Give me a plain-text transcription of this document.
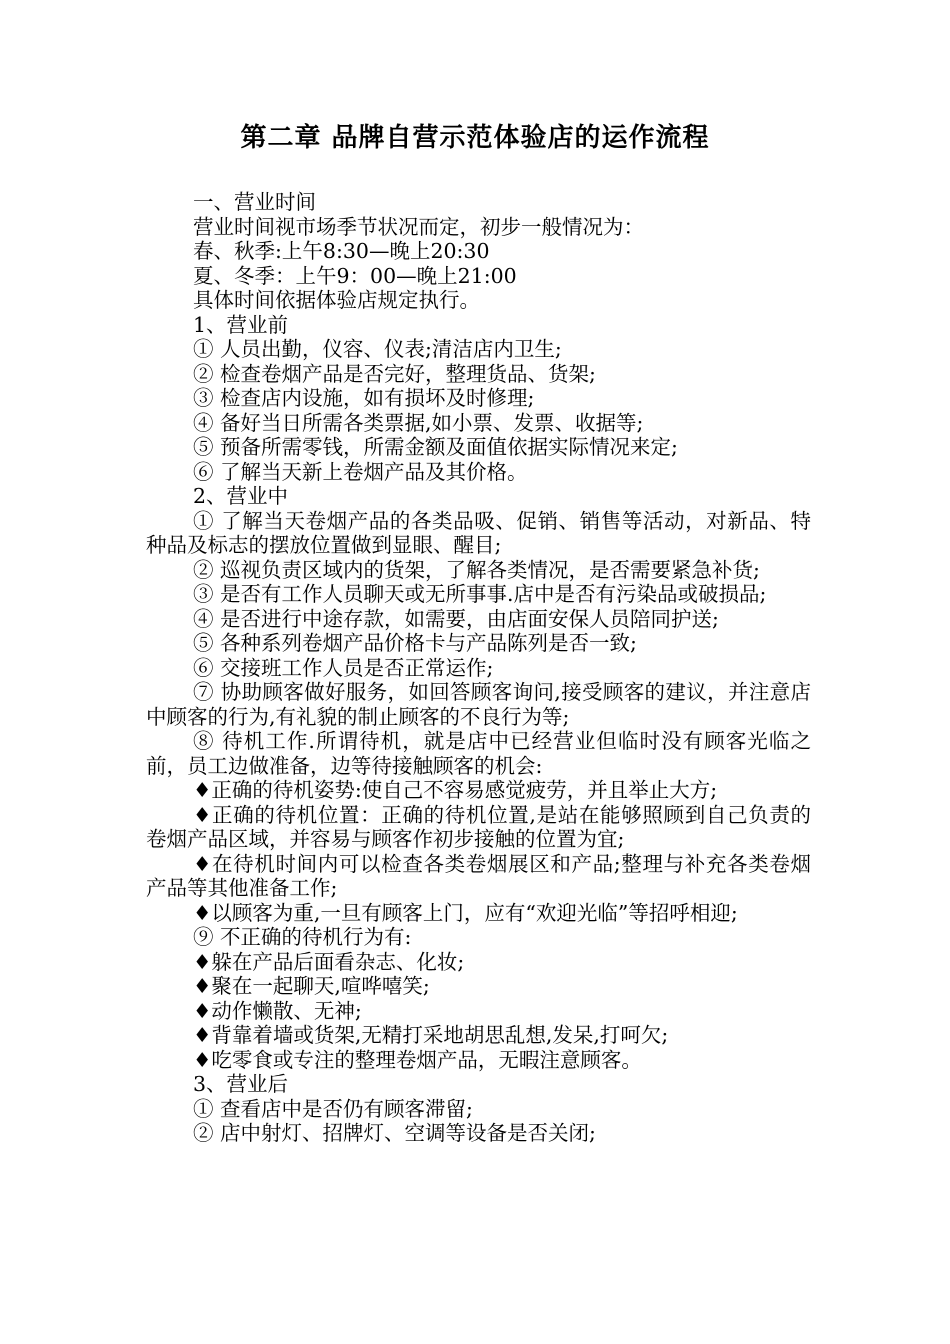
第二章 品牌自营示范体验店的运作流程

一、营业时间

营业时间视市场季节状况而定，初步一般情况为：

春、秋季:上午8:30—晚上20:30

夏、冬季：上午9：00—晚上21:00

具体时间依据体验店规定执行。

1、营业前

① 人员出勤，仪容、仪表;清洁店内卫生;

② 检查卷烟产品是否完好，整理货品、货架;

③ 检查店内设施，如有损坏及时修理;

④ 备好当日所需各类票据,如小票、发票、收据等;

⑤ 预备所需零钱，所需金额及面值依据实际情况来定;

⑥ 了解当天新上卷烟产品及其价格。

2、营业中

① 了解当天卷烟产品的各类品吸、促销、销售等活动，对新品、特种品及标志的摆放位置做到显眼、醒目;

② 巡视负责区域内的货架，了解各类情况，是否需要紧急补货;

③ 是否有工作人员聊天或无所事事.店中是否有污染品或破损品;

④ 是否进行中途存款，如需要，由店面安保人员陪同护送;

⑤ 各种系列卷烟产品价格卡与产品陈列是否一致;

⑥ 交接班工作人员是否正常运作;

⑦ 协助顾客做好服务，如回答顾客询问,接受顾客的建议，并注意店中顾客的行为,有礼貌的制止顾客的不良行为等;

⑧ 待机工作.所谓待机，就是店中已经营业但临时没有顾客光临之前，员工边做准备，边等待接触顾客的机会:

♦正确的待机姿势:使自己不容易感觉疲劳，并且举止大方;

♦正确的待机位置：正确的待机位置,是站在能够照顾到自己负责的卷烟产品区域，并容易与顾客作初步接触的位置为宜;

♦在待机时间内可以检查各类卷烟展区和产品;整理与补充各类卷烟产品等其他准备工作;

♦以顾客为重,一旦有顾客上门，应有“欢迎光临”等招呼相迎;

⑨ 不正确的待机行为有:

♦躲在产品后面看杂志、化妆;

♦聚在一起聊天,喧哗嘻笑;

♦动作懒散、无神;

♦背靠着墙或货架,无精打采地胡思乱想,发呆,打呵欠;

♦吃零食或专注的整理卷烟产品，无暇注意顾客。

3、营业后

① 查看店中是否仍有顾客滞留;

② 店中射灯、招牌灯、空调等设备是否关闭;
